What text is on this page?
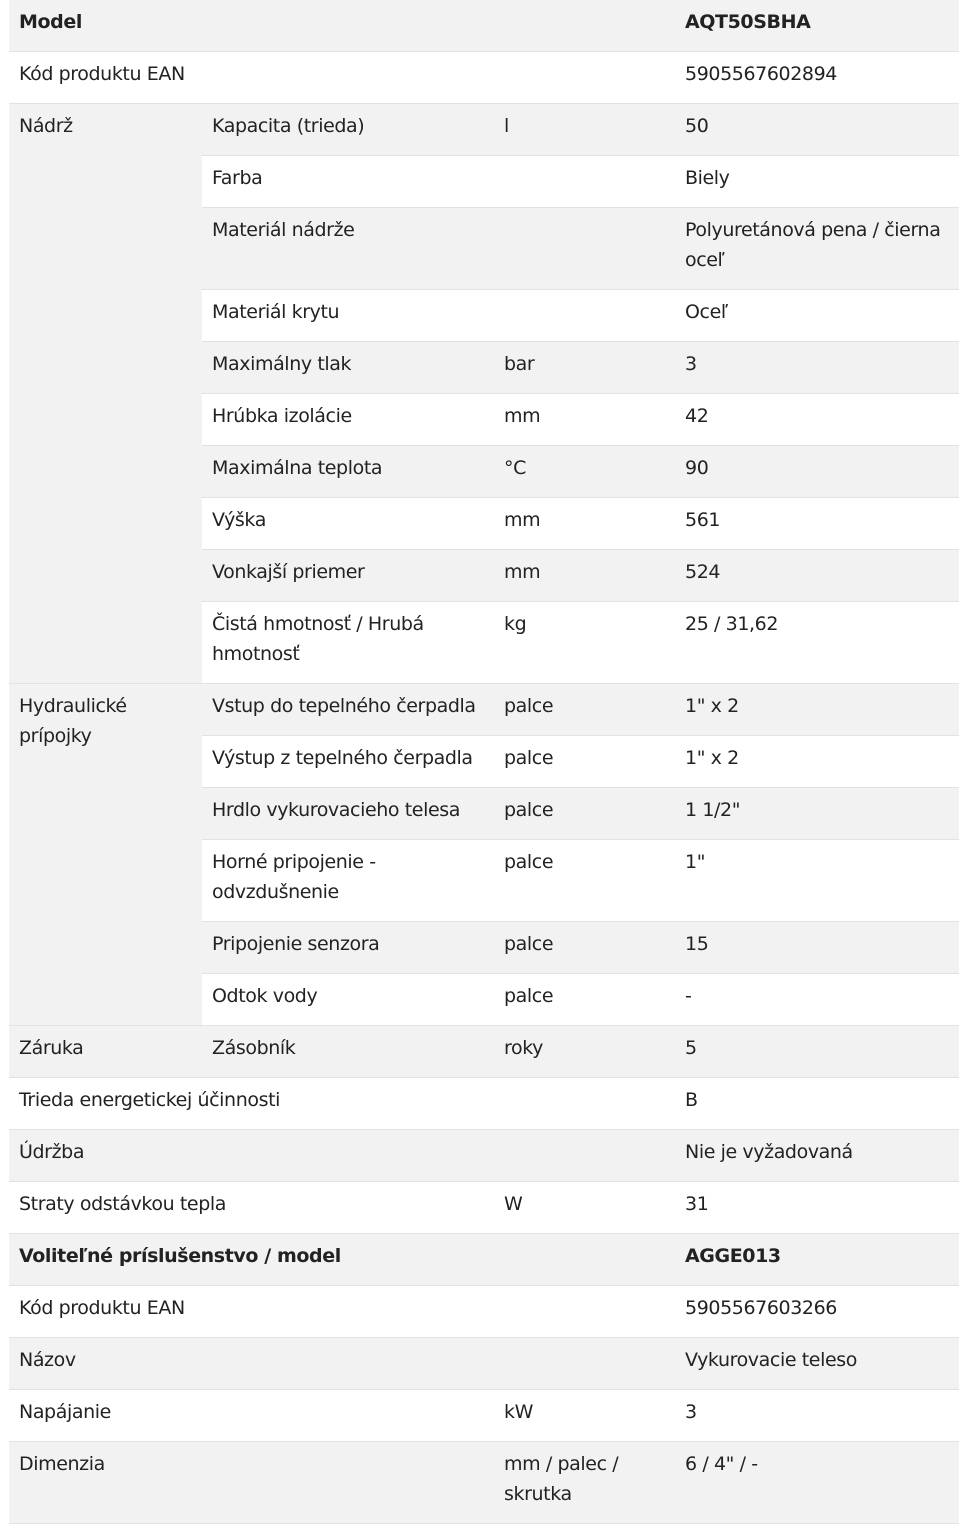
Model			AQT50SBHA
Kód produktu EAN			5905567602894
Nádrž	Kapacita (trieda)	l	50
	Farba		Biely
	Materiál nádrže		Polyuretánová pena / čierna oceľ
	Materiál krytu		Oceľ
	Maximálny tlak	bar	3
	Hrúbka izolácie	mm	42
	Maximálna teplota	°C	90
	Výška	mm	561
	Vonkajší priemer	mm	524
	Čistá hmotnosť / Hrubá hmotnosť	kg	25 / 31,62
Hydraulické prípojky	Vstup do tepelného čerpadla	palce	1" x 2
	Výstup z tepelného čerpadla	palce	1" x 2
	Hrdlo vykurovacieho telesa	palce	1 1/2"
	Horné pripojenie - odvzdušnenie	palce	1"
	Pripojenie senzora	palce	15
	Odtok vody	palce	-
Záruka	Zásobník	roky	5
Trieda energetickej účinnosti			B
Údržba			Nie je vyžadovaná
Straty odstávkou tepla		W	31
Voliteľné príslušenstvo / model			AGGE013
Kód produktu EAN			5905567603266
Názov			Vykurovacie teleso
Napájanie		kW	3
Dimenzia		mm / palec / skrutka	6 / 4" / -
